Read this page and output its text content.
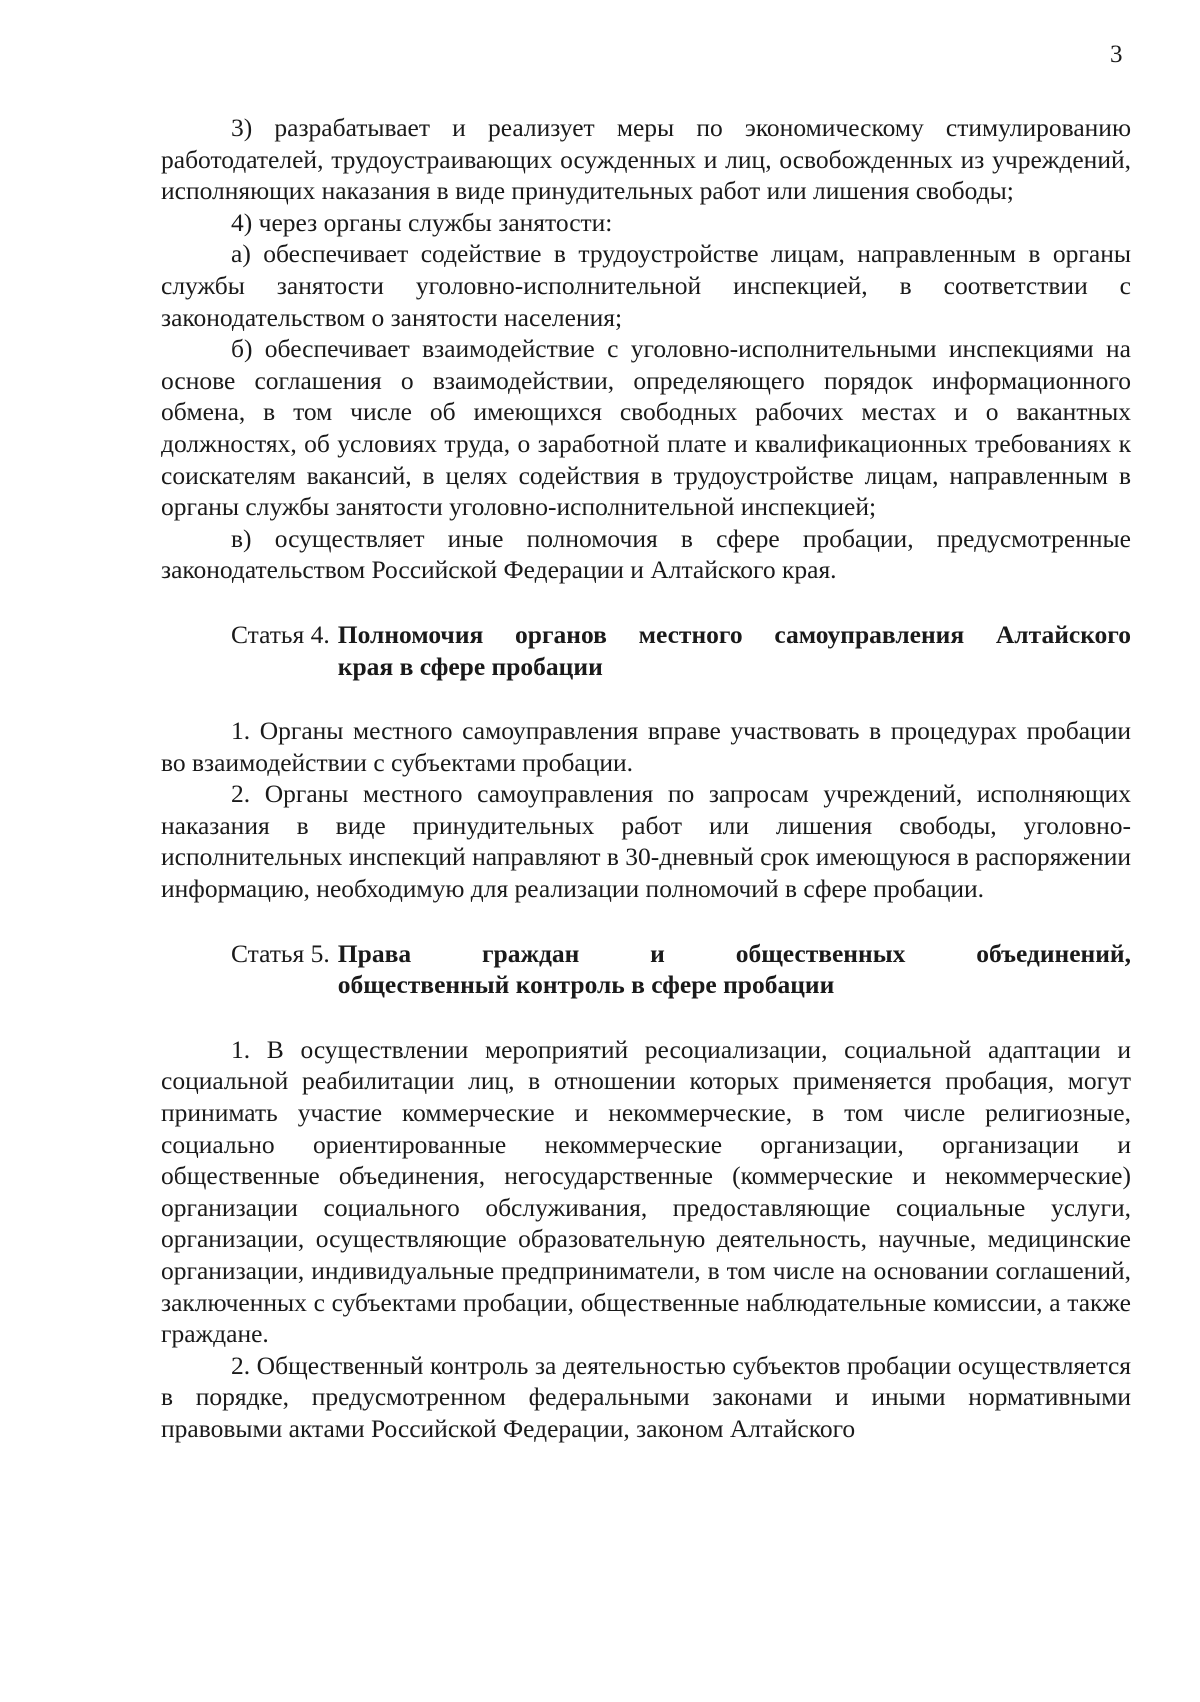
3

3) разрабатывает и реализует меры по экономическому стимулированию работодателей, трудоустраивающих осужденных и лиц, освобожденных из учреждений, исполняющих наказания в виде принудительных работ или лишения свободы;

4) через органы службы занятости:

а) обеспечивает содействие в трудоустройстве лицам, направленным в органы службы занятости уголовно-исполнительной инспекцией, в соответствии с законодательством о занятости населения;

б) обеспечивает взаимодействие с уголовно-исполнительными инспекциями на основе соглашения о взаимодействии, определяющего порядок информационного обмена, в том числе об имеющихся свободных рабочих местах и о вакантных должностях, об условиях труда, о заработной плате и квалификационных требованиях к соискателям вакансий, в целях содействия в трудоустройстве лицам, направленным в органы службы занятости уголовно-исполнительной инспекцией;

в) осуществляет иные полномочия в сфере пробации, предусмотренные законодательством Российской Федерации и Алтайского края.

Статья 4. Полномочия органов местного самоуправления Алтайского
края в сфере пробации

1. Органы местного самоуправления вправе участвовать в процедурах пробации во взаимодействии с субъектами пробации.

2. Органы местного самоуправления по запросам учреждений, исполняющих наказания в виде принудительных работ или лишения свободы, уголовно-исполнительных инспекций направляют в 30-дневный срок имеющуюся в распоряжении информацию, необходимую для реализации полномочий в сфере пробации.

Статья 5. Права граждан и общественных объединений,
общественный контроль в сфере пробации

1. В осуществлении мероприятий ресоциализации, социальной адаптации и социальной реабилитации лиц, в отношении которых применяется пробация, могут принимать участие коммерческие и некоммерческие, в том числе религиозные, социально ориентированные некоммерческие организации, организации и общественные объединения, негосударственные (коммерческие и некоммерческие) организации социального обслуживания, предоставляющие социальные услуги, организации, осуществляющие образовательную деятельность, научные, медицинские организации, индивидуальные предприниматели, в том числе на основании соглашений, заключенных с субъектами пробации, общественные наблюдательные комиссии, а также граждане.

2. Общественный контроль за деятельностью субъектов пробации осуществляется в порядке, предусмотренном федеральными законами и иными нормативными правовыми актами Российской Федерации, законом Алтайского
